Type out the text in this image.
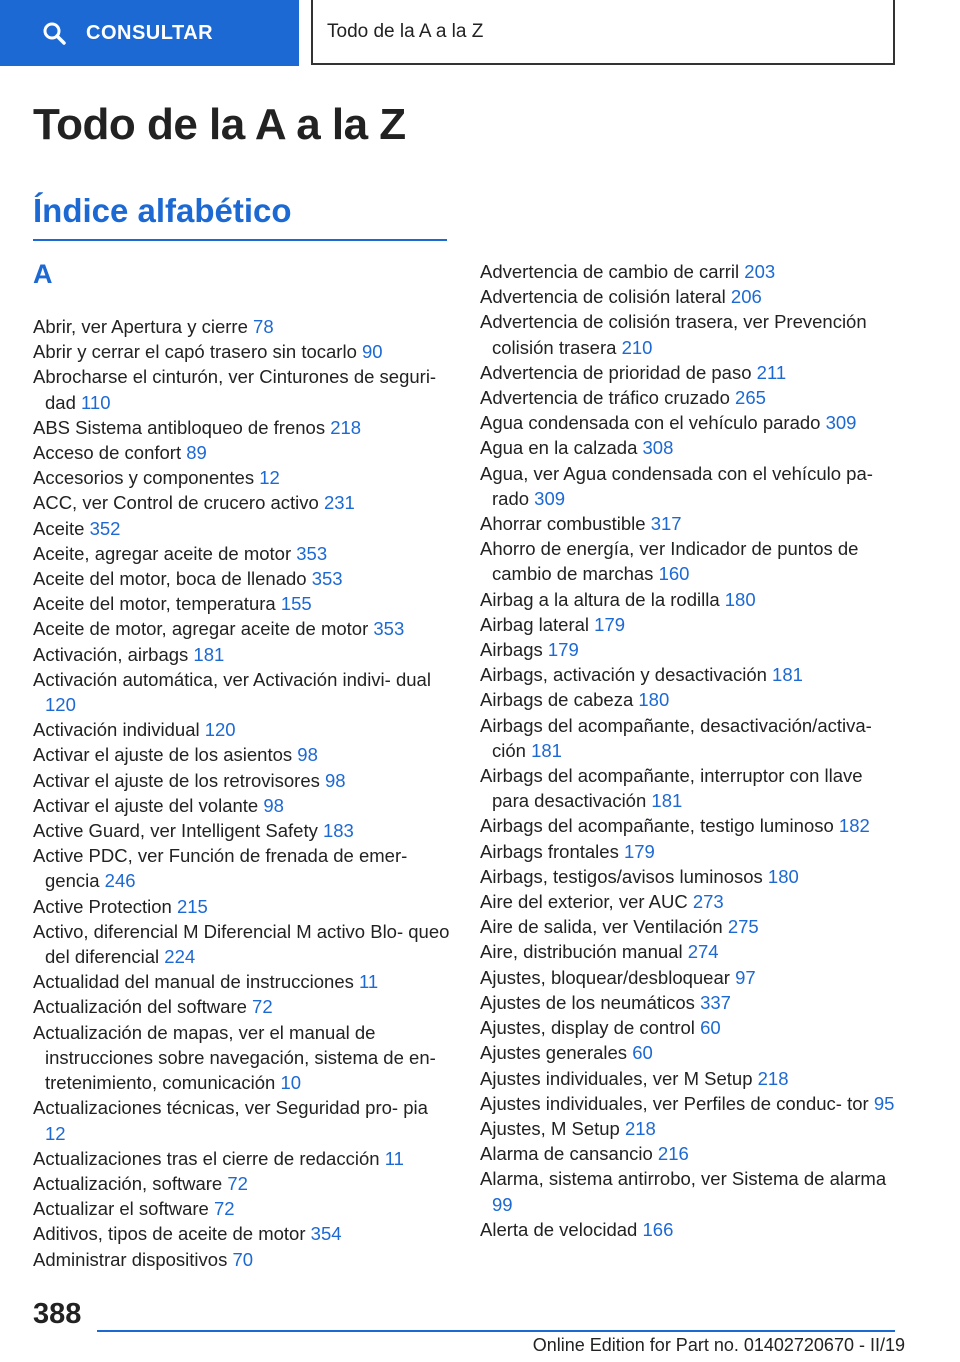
CONSULTAR	Todo de la A a la Z
Todo de la A a la Z
Índice alfabético
A
Abrir, ver Apertura y cierre 78
Abrir y cerrar el capó trasero sin tocarlo 90
Abrocharse el cinturón, ver Cinturones de seguri‐ dad 110
ABS Sistema antibloqueo de frenos 218
Acceso de confort 89
Accesorios y componentes 12
ACC, ver Control de crucero activo 231
Aceite 352
Aceite, agregar aceite de motor 353
Aceite del motor, boca de llenado 353
Aceite del motor, temperatura 155
Aceite de motor, agregar aceite de motor 353
Activación, airbags 181
Activación automática, ver Activación indivi‐ dual 120
Activación individual 120
Activar el ajuste de los asientos 98
Activar el ajuste de los retrovisores 98
Activar el ajuste del volante 98
Active Guard, ver Intelligent Safety 183
Active PDC, ver Función de frenada de emer‐ gencia 246
Active Protection 215
Activo, diferencial M Diferencial M activo Blo‐ queo del diferencial 224
Actualidad del manual de instrucciones 11
Actualización del software 72
Actualización de mapas, ver el manual de instrucciones sobre navegación, sistema de en‐ tretenimiento, comunicación 10
Actualizaciones técnicas, ver Seguridad pro‐ pia 12
Actualizaciones tras el cierre de redacción 11
Actualización, software 72
Actualizar el software 72
Aditivos, tipos de aceite de motor 354
Administrar dispositivos 70
Advertencia de cambio de carril 203
Advertencia de colisión lateral 206
Advertencia de colisión trasera, ver Prevención colisión trasera 210
Advertencia de prioridad de paso 211
Advertencia de tráfico cruzado 265
Agua condensada con el vehículo parado 309
Agua en la calzada 308
Agua, ver Agua condensada con el vehículo pa‐ rado 309
Ahorrar combustible 317
Ahorro de energía, ver Indicador de puntos de cambio de marchas 160
Airbag a la altura de la rodilla 180
Airbag lateral 179
Airbags 179
Airbags, activación y desactivación 181
Airbags de cabeza 180
Airbags del acompañante, desactivación/activa‐ ción 181
Airbags del acompañante, interruptor con llave para desactivación 181
Airbags del acompañante, testigo luminoso 182
Airbags frontales 179
Airbags, testigos/avisos luminosos 180
Aire del exterior, ver AUC 273
Aire de salida, ver Ventilación 275
Aire, distribución manual 274
Ajustes, bloquear/desbloquear 97
Ajustes de los neumáticos 337
Ajustes, display de control 60
Ajustes generales 60
Ajustes individuales, ver M Setup 218
Ajustes individuales, ver Perfiles de conduc‐ tor 95
Ajustes, M Setup 218
Alarma de cansancio 216
Alarma, sistema antirrobo, ver Sistema de alarma 99
Alerta de velocidad 166
388
Online Edition for Part no. 01402720670 - II/19
